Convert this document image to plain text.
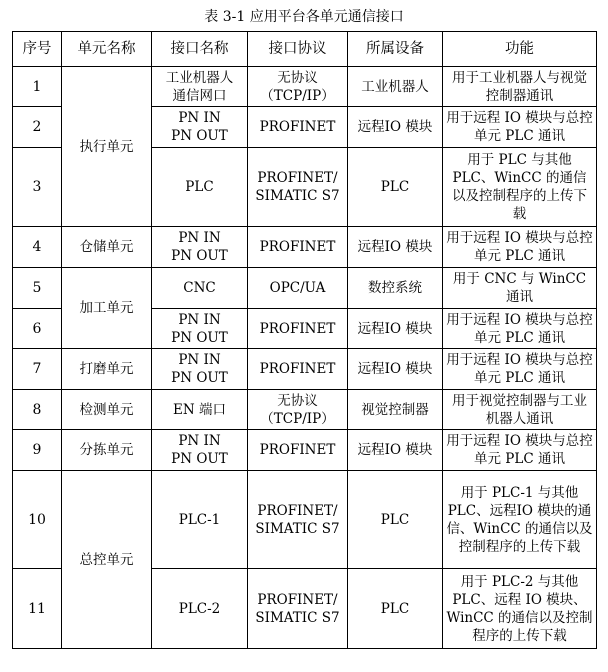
表 3-1 应用平台各单元通信接口
序号	单元名称	接口名称	接口协议	所属设备	功能
1	执行单元	工业机器人
通信网口	无协议
（TCP/IP）	工业机器人	用于工业机器人与视觉控制器通讯
2		PN IN
PN OUT	PROFINET	远程IO 模块	用于远程 IO 模块与总控单元 PLC 通讯
3		PLC	PROFINET/
SIMATIC S7	PLC	用于 PLC 与其他 PLC、WinCC 的通信以及控制程序的上传下载
4	仓储单元	PN IN
PN OUT	PROFINET	远程IO 模块	用于远程 IO 模块与总控单元 PLC 通讯
5	加工单元	CNC	OPC/UA	数控系统	用于 CNC 与 WinCC 通讯
6		PN IN
PN OUT	PROFINET	远程IO 模块	用于远程 IO 模块与总控单元 PLC 通讯
7	打磨单元	PN IN
PN OUT	PROFINET	远程IO 模块	用于远程 IO 模块与总控单元 PLC 通讯
8	检测单元	EN 端口	无协议
（TCP/IP）	视觉控制器	用于视觉控制器与工业机器人通讯
9	分拣单元	PN IN
PN OUT	PROFINET	远程IO 模块	用于远程 IO 模块与总控单元 PLC 通讯
10	总控单元	PLC-1	PROFINET/
SIMATIC S7	PLC	用于 PLC-1 与其他 PLC、远程IO 模块的通信、WinCC 的通信以及控制程序的上传下载
11		PLC-2	PROFINET/
SIMATIC S7	PLC	用于 PLC-2 与其他 PLC、远程 IO 模块、WinCC 的通信以及控制程序的上传下载
